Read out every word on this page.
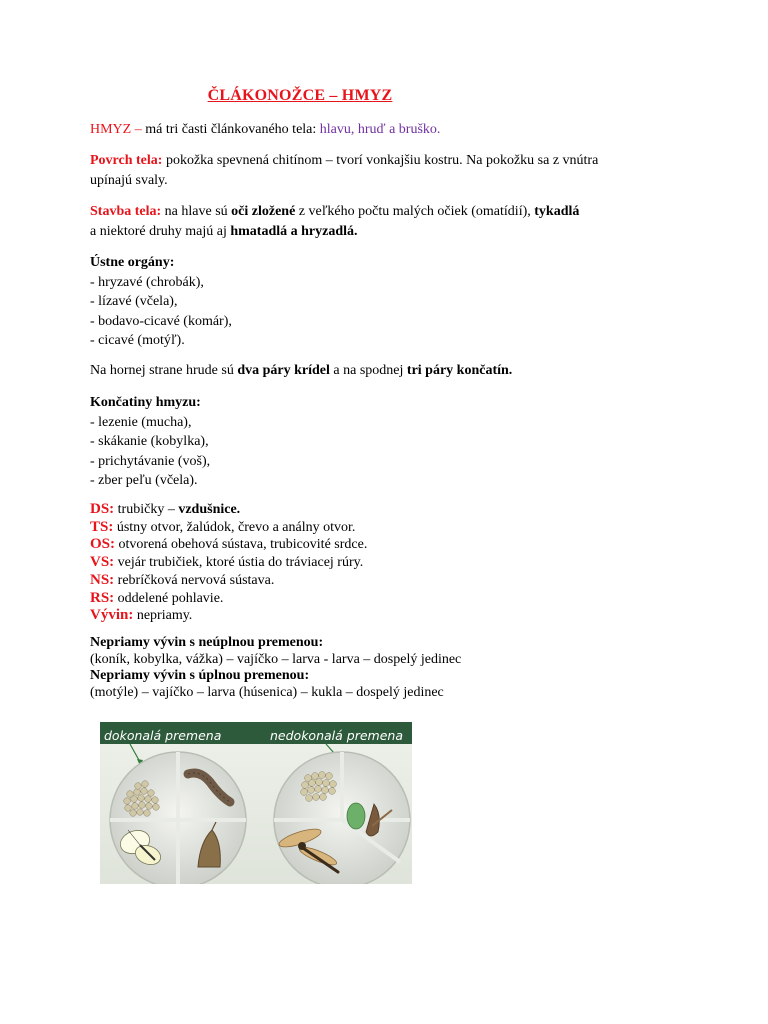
ČLÁKONOŽCE – HMYZ

HMYZ – má tri časti článkovaného tela: hlavu, hruď a bruško.

Povrch tela: pokožka spevnená chitínom – tvorí vonkajšiu kostru. Na pokožku sa z vnútra
upínajú svaly.

Stavba tela: na hlave sú oči zložené z veľkého počtu malých očiek (omatídií), tykadlá
a niektoré druhy majú aj hmatadlá a hryzadlá.

Ústne orgány:
- hryzavé (chrobák),
- lízavé (včela),
- bodavo-cicavé (komár),
- cicavé (motýľ).

Na hornej strane hrude sú dva páry krídel a na spodnej tri páry končatín.

Končatiny hmyzu:
- lezenie (mucha),
- skákanie (kobylka),
- prichytávanie (voš),
- zber peľu (včela).

DS: trubičky – vzdušnice.
TS: ústny otvor, žalúdok, črevo a análny otvor.
OS: otvorená obehová sústava, trubicovité srdce.
VS: vejár trubičiek, ktoré ústia do tráviacej rúry.
NS: rebríčková nervová sústava.
RS: oddelené pohlavie.
Vývin: nepriamy.

Nepriamy vývin s neúplnou premenou:
(koník, kobylka, vážka) – vajíčko – larva - larva – dospelý jedinec
Nepriamy vývin s úplnou premenou:
(motýle) – vajíčko – larva (húsenica) – kukla – dospelý jedinec

dokonalá premena	nedokonalá premena
